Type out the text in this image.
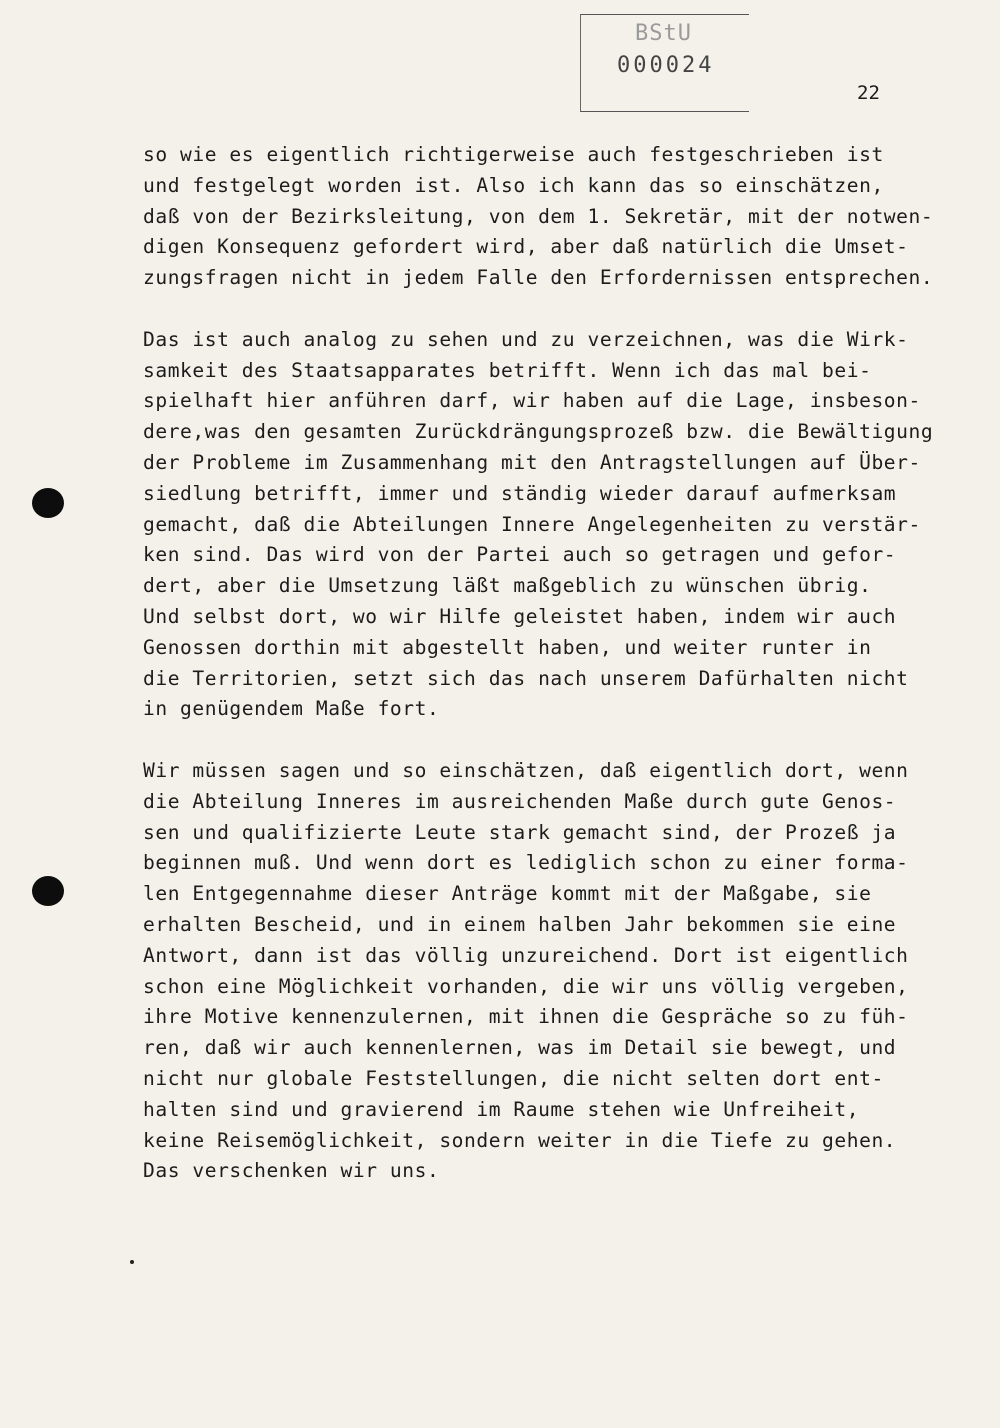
BStU
000024
22
so wie es eigentlich richtigerweise auch festgeschrieben ist
und festgelegt worden ist. Also ich kann das so einschätzen,
daß von der Bezirksleitung, von dem 1. Sekretär, mit der notwen-
digen Konsequenz gefordert wird, aber daß natürlich die Umset-
zungsfragen nicht in jedem Falle den Erfordernissen entsprechen.
Das ist auch analog zu sehen und zu verzeichnen, was die Wirk-
samkeit des Staatsapparates betrifft. Wenn ich das mal bei-
spielhaft hier anführen darf, wir haben auf die Lage, insbeson-
dere,was den gesamten Zurückdrängungsprozeß bzw. die Bewältigung
der Probleme im Zusammenhang mit den Antragstellungen auf Über-
siedlung betrifft, immer und ständig wieder darauf aufmerksam
gemacht, daß die Abteilungen Innere Angelegenheiten zu verstär-
ken sind. Das wird von der Partei auch so getragen und gefor-
dert, aber die Umsetzung läßt maßgeblich zu wünschen übrig.
Und selbst dort, wo wir Hilfe geleistet haben, indem wir auch
Genossen dorthin mit abgestellt haben, und weiter runter in
die Territorien, setzt sich das nach unserem Dafürhalten nicht
in genügendem Maße fort.
Wir müssen sagen und so einschätzen, daß eigentlich dort, wenn
die Abteilung Inneres im ausreichenden Maße durch gute Genos-
sen und qualifizierte Leute stark gemacht sind, der Prozeß ja
beginnen muß. Und wenn dort es lediglich schon zu einer forma-
len Entgegennahme dieser Anträge kommt mit der Maßgabe, sie
erhalten Bescheid, und in einem halben Jahr bekommen sie eine
Antwort, dann ist das völlig unzureichend. Dort ist eigentlich
schon eine Möglichkeit vorhanden, die wir uns völlig vergeben,
ihre Motive kennenzulernen, mit ihnen die Gespräche so zu füh-
ren, daß wir auch kennenlernen, was im Detail sie bewegt, und
nicht nur globale Feststellungen, die nicht selten dort ent-
halten sind und gravierend im Raume stehen wie Unfreiheit,
keine Reisemöglichkeit, sondern weiter in die Tiefe zu gehen.
Das verschenken wir uns.
